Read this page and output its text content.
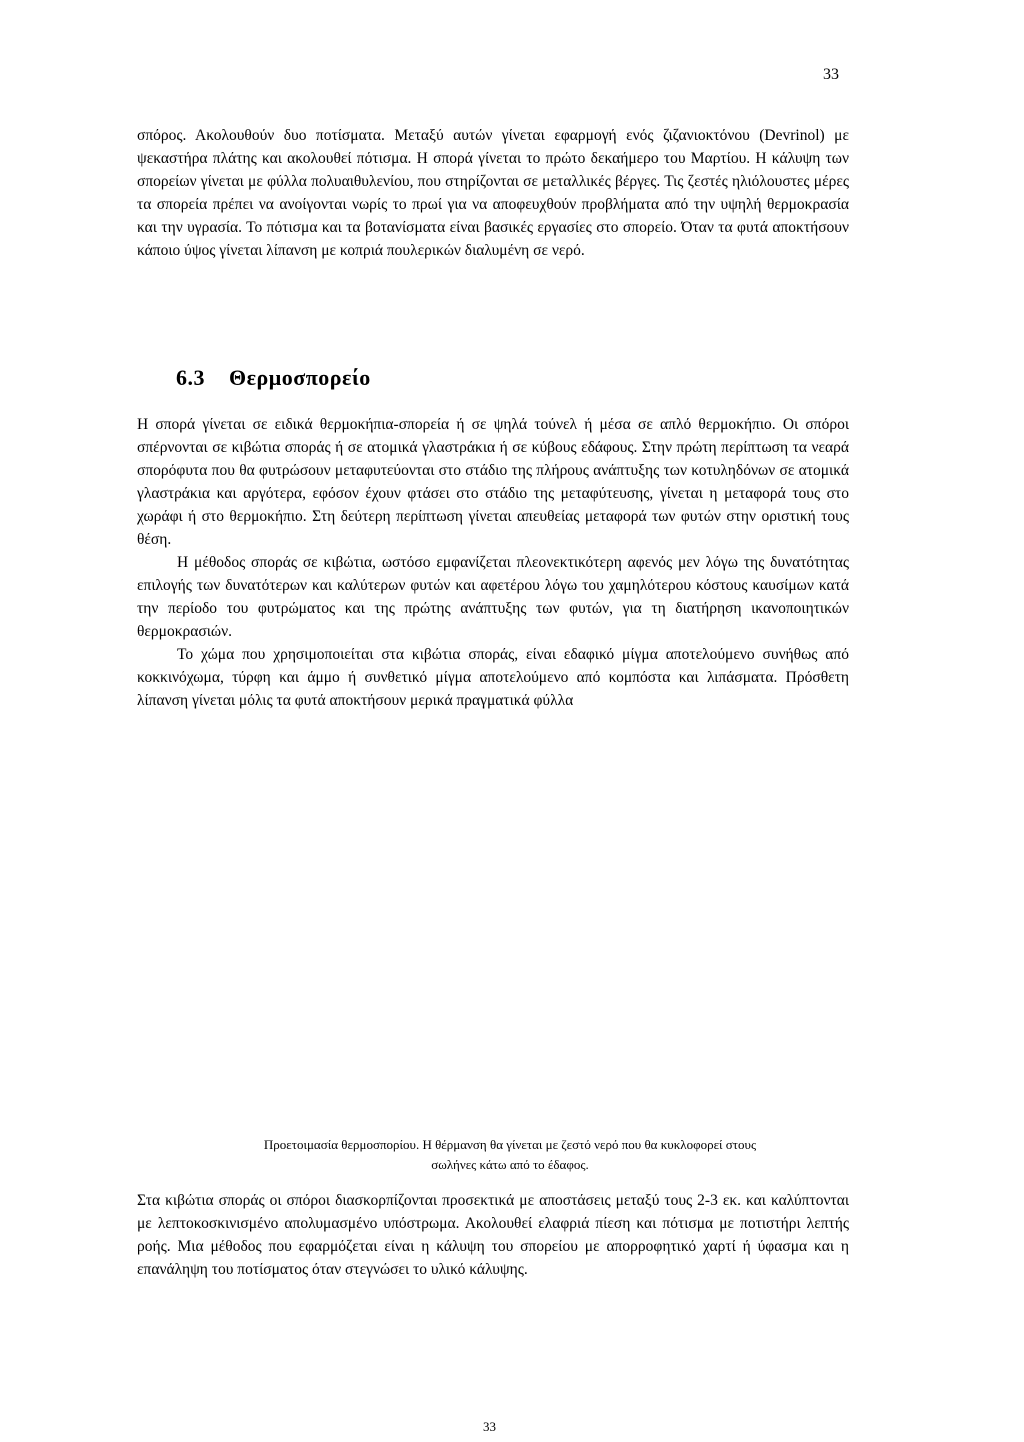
33

σπόρος. Ακολουθούν δυο ποτίσματα. Μεταξύ αυτών γίνεται εφαρμογή ενός ζιζανιοκτόνου (Devrinol) με ψεκαστήρα πλάτης και ακολουθεί πότισμα. Η σπορά γίνεται το πρώτο δεκαήμερο του Μαρτίου. Η κάλυψη των σπορείων γίνεται με φύλλα πολυαιθυλενίου, που στηρίζονται σε μεταλλικές βέργες. Τις ζεστές ηλιόλουστες μέρες τα σπορεία πρέπει να ανοίγονται νωρίς το πρωί για να αποφευχθούν προβλήματα από την υψηλή θερμοκρασία και την υγρασία. Το πότισμα και τα βοτανίσματα είναι βασικές εργασίες στο σπορείο. Όταν τα φυτά αποκτήσουν κάποιο ύψος γίνεται λίπανση με κοπριά πουλερικών διαλυμένη σε νερό.

6.3 Θερμοσπορείο

Η σπορά γίνεται σε ειδικά θερμοκήπια-σπορεία ή σε ψηλά τούνελ ή μέσα σε απλό θερμοκήπιο. Οι σπόροι σπέρνονται σε κιβώτια σποράς ή σε ατομικά γλαστράκια ή σε κύβους εδάφους. Στην πρώτη περίπτωση τα νεαρά σπορόφυτα που θα φυτρώσουν μεταφυτεύονται στο στάδιο της πλήρους ανάπτυξης των κοτυληδόνων σε ατομικά γλαστράκια και αργότερα, εφόσον έχουν φτάσει στο στάδιο της μεταφύτευσης, γίνεται η μεταφορά τους στο χωράφι ή στο θερμοκήπιο. Στη δεύτερη περίπτωση γίνεται απευθείας μεταφορά των φυτών στην οριστική τους θέση.

Η μέθοδος σποράς σε κιβώτια, ωστόσο εμφανίζεται πλεονεκτικότερη αφενός μεν λόγω της δυνατότητας επιλογής των δυνατότερων και καλύτερων φυτών και αφετέρου λόγω του χαμηλότερου κόστους καυσίμων κατά την περίοδο του φυτρώματος και της πρώτης ανάπτυξης των φυτών, για τη διατήρηση ικανοποιητικών θερμοκρασιών.

Το χώμα που χρησιμοποιείται στα κιβώτια σποράς, είναι εδαφικό μίγμα αποτελούμενο συνήθως από κοκκινόχωμα, τύρφη και άμμο ή συνθετικό μίγμα αποτελούμενο από κομπόστα και λιπάσματα. Πρόσθετη λίπανση γίνεται μόλις τα φυτά αποκτήσουν μερικά πραγματικά φύλλα

Προετοιμασία θερμοσπορίου. Η θέρμανση θα γίνεται με ζεστό νερό που θα κυκλοφορεί στους
σωλήνες κάτω από το έδαφος.

Στα κιβώτια σποράς οι σπόροι διασκορπίζονται προσεκτικά με αποστάσεις μεταξύ τους 2-3 εκ. και καλύπτονται με λεπτοκοσκινισμένο απολυμασμένο υπόστρωμα. Ακολουθεί ελαφριά πίεση και πότισμα με ποτιστήρι λεπτής ροής. Μια μέθοδος που εφαρμόζεται είναι η κάλυψη του σπορείου με απορροφητικό χαρτί ή ύφασμα και η επανάληψη του ποτίσματος όταν στεγνώσει το υλικό κάλυψης.

33
